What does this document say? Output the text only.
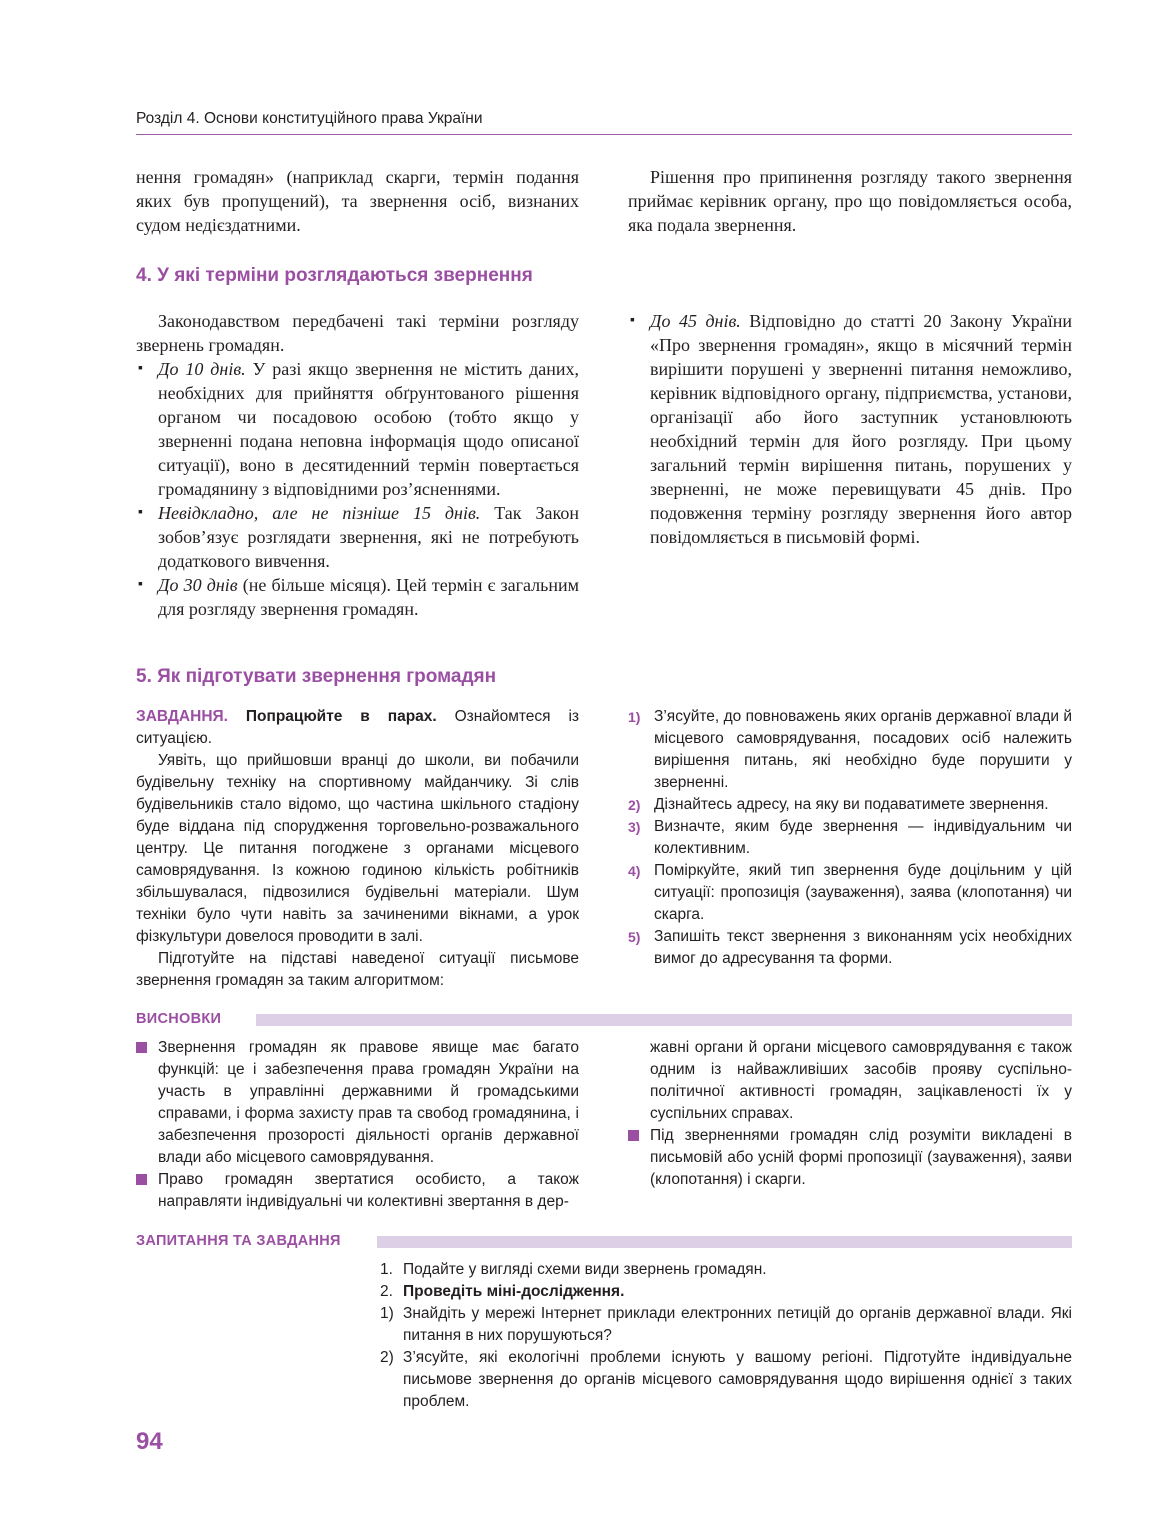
Розділ 4. Основи конституційного права України

нення громадян» (наприклад скарги, термін подання яких був пропущений), та звернення осіб, визнаних судом недієздатними.

Рішення про припинення розгляду такого звернення приймає керівник органу, про що повідомляється особа, яка подала звернення.

4. У які терміни розглядаються звернення

Законодавством передбачені такі терміни розгляду звернень громадян.

▪ До 10 днів. У разі якщо звернення не містить даних, необхідних для прийняття обґрунтованого рішення органом чи посадовою особою (тобто якщо у зверненні подана неповна інформація щодо описаної ситуації), воно в десятиденний термін повертається громадянину з відповідними роз’ясненнями.
▪ Невідкладно, але не пізніше 15 днів. Так Закон зобов’язує розглядати звернення, які не потребують додаткового вивчення.
▪ До 30 днів (не більше місяця). Цей термін є загальним для розгляду звернення громадян.
▪ До 45 днів. Відповідно до статті 20 Закону України «Про звернення громадян», якщо в місячний термін вирішити порушені у зверненні питання неможливо, керівник відповідного органу, підприємства, установи, організації або його заступник установлюють необхідний термін для його розгляду. При цьому загальний термін вирішення питань, порушених у зверненні, не може перевищувати 45 днів. Про подовження терміну розгляду звернення його автор повідомляється в письмовій формі.
5. Як підготувати звернення громадян

ЗАВДАННЯ. Попрацюйте в парах. Ознайомтеся із ситуацією.

Уявіть, що прийшовши вранці до школи, ви побачили будівельну техніку на спортивному майданчику. Зі слів будівельників стало відомо, що частина шкільного стадіону буде віддана під спорудження торговельно-розважального центру. Це питання погоджене з органами місцевого самоврядування. Із кожною годиною кількість робітників збільшувалася, підвозилися будівельні матеріали. Шум техніки було чути навіть за зачиненими вікнами, а урок фізкультури довелося проводити в залі.

Підготуйте на підставі наведеної ситуації письмове звернення громадян за таким алгоритмом:

1) З’ясуйте, до повноважень яких органів державної влади й місцевого самоврядування, посадових осіб належить вирішення питань, які необхідно буде порушити у зверненні.
2) Дізнайтесь адресу, на яку ви подаватимете звернення.
3) Визначте, яким буде звернення — індивідуальним чи колективним.
4) Поміркуйте, який тип звернення буде доцільним у цій ситуації: пропозиція (зауваження), заява (клопотання) чи скарга.
5) Запишіть текст звернення з виконанням усіх необхідних вимог до адресування та форми.
ВИСНОВКИ
Звернення громадян як правове явище має багато функцій: це і забезпечення права громадян України на участь в управлінні державними й громадськими справами, і форма захисту прав та свобод громадянина, і забезпечення прозорості діяльності органів державної влади або місцевого самоврядування.
Право громадян звертатися особисто, а також направляти індивідуальні чи колективні звертання в дер-
жавні органи й органи місцевого самоврядування є також одним із найважливіших засобів прояву суспільно-політичної активності громадян, зацікавленості їх у суспільних справах.
Під зверненнями громадян слід розуміти викладені в письмовій або усній формі пропозиції (зауваження), заяви (клопотання) і скарги.
ЗАПИТАННЯ ТА ЗАВДАННЯ
1. Подайте у вигляді схеми види звернень громадян.
2. Проведіть міні-дослідження.
1) Знайдіть у мережі Інтернет приклади електронних петицій до органів державної влади. Які питання в них порушуються?
2) З’ясуйте, які екологічні проблеми існують у вашому регіоні. Підготуйте індивідуальне письмове звернення до органів місцевого самоврядування щодо вирішення однієї з таких проблем.
94
